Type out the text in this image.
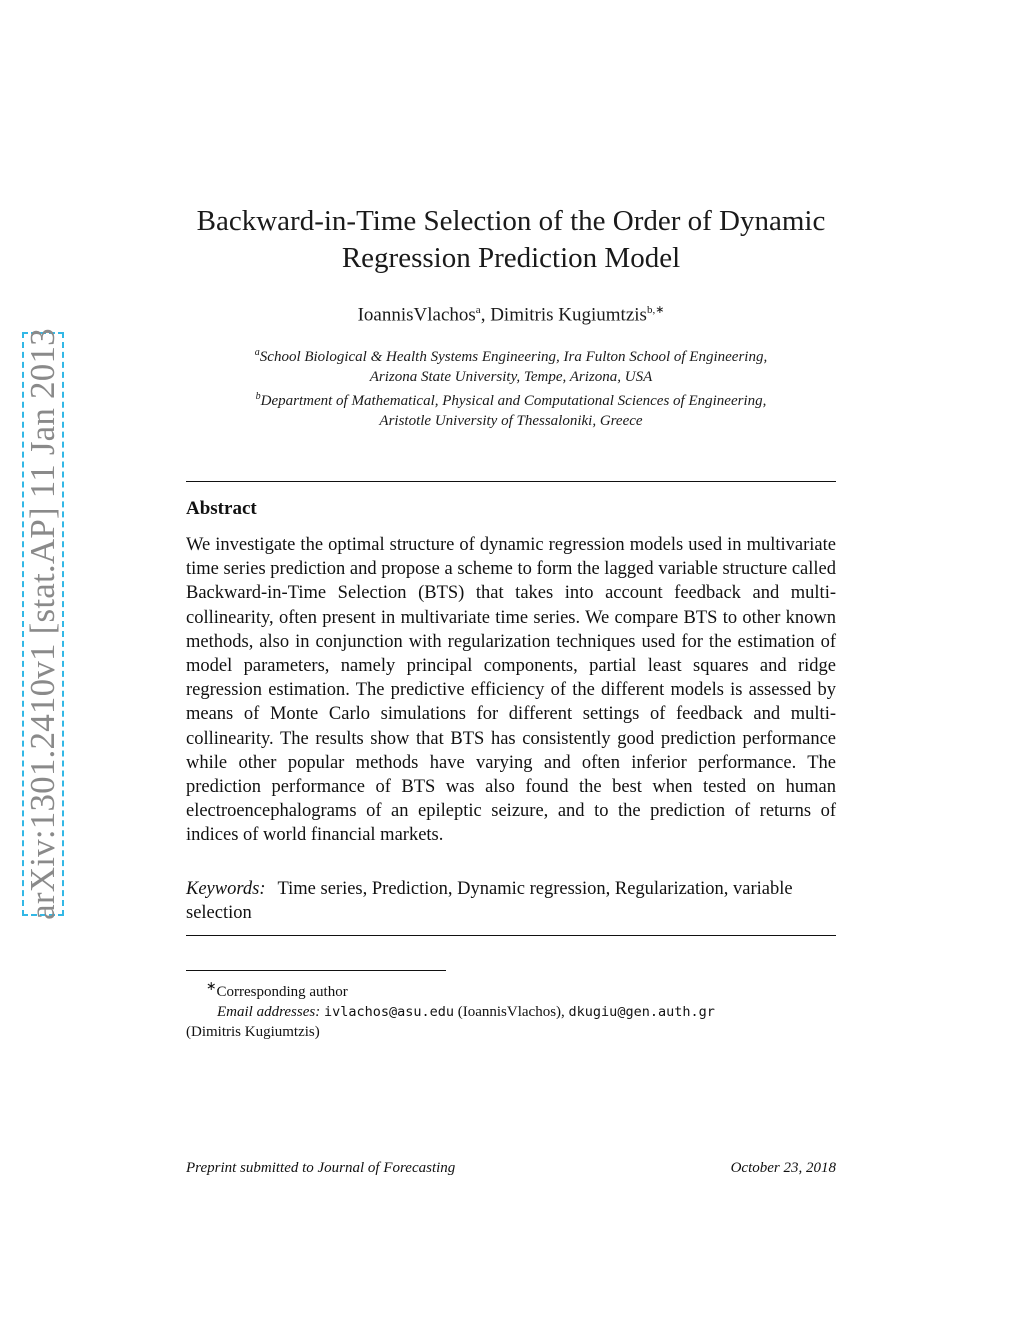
arXiv:1301.2410v1 [stat.AP] 11 Jan 2013
Backward-in-Time Selection of the Order of Dynamic
Regression Prediction Model
IoannisVlachos$^a$, Dimitris Kugiumtzis$^{b,∗}$
$^a$School Biological & Health Systems Engineering, Ira Fulton School of Engineering,
Arizona State University, Tempe, Arizona, USA
$^b$Department of Mathematical, Physical and Computational Sciences of Engineering,
Aristotle University of Thessaloniki, Greece
Abstract
We investigate the optimal structure of dynamic regression models used in multivariate time series prediction and propose a scheme to form the lagged variable structure called Backward-in-Time Selection (BTS) that takes into account feedback and multi-collinearity, often present in multivariate time series. We compare BTS to other known methods, also in conjunction with regularization techniques used for the estimation of model parameters, namely principal components, partial least squares and ridge regression estimation. The predictive efficiency of the different models is assessed by means of Monte Carlo simulations for different settings of feedback and multi-collinearity. The results show that BTS has consistently good prediction performance while other popular methods have varying and often inferior performance. The prediction performance of BTS was also found the best when tested on human electroencephalograms of an epileptic seizure, and to the prediction of returns of indices of world financial markets.
Keywords: Time series, Prediction, Dynamic regression, Regularization, variable selection
∗Corresponding author
Email addresses: ivlachos@asu.edu (IoannisVlachos), dkugiu@gen.auth.gr
(Dimitris Kugiumtzis)
Preprint submitted to Journal of Forecasting	October 23, 2018
